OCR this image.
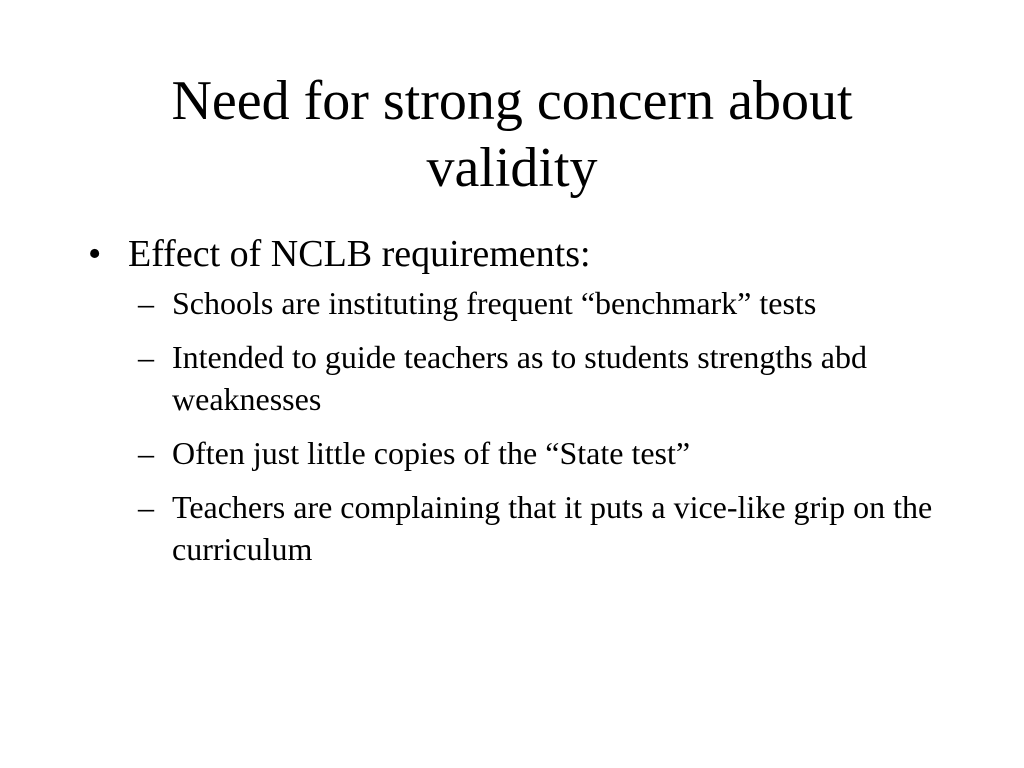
Need for strong concern about validity
• Effect of NCLB requirements:
– Schools are instituting frequent “benchmark” tests
– Intended to guide teachers as to students strengths abd weaknesses
– Often just little copies of the “State test”
– Teachers are complaining that it puts a vice-like grip on the curriculum
